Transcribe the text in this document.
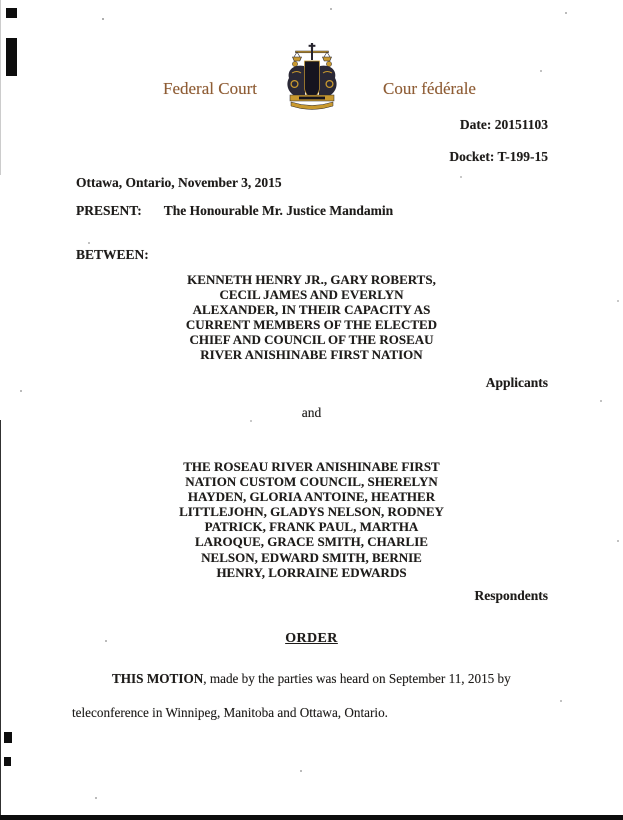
Federal Court	Cour fédérale
Date: 20151103
Docket: T-199-15
Ottawa, Ontario, November 3, 2015
PRESENT: The Honourable Mr. Justice Mandamin
BETWEEN:
KENNETH HENRY JR., GARY ROBERTS,
CECIL JAMES AND EVERLYN
ALEXANDER, IN THEIR CAPACITY AS
CURRENT MEMBERS OF THE ELECTED
CHIEF AND COUNCIL OF THE ROSEAU
RIVER ANISHINABE FIRST NATION
Applicants
and
THE ROSEAU RIVER ANISHINABE FIRST
NATION CUSTOM COUNCIL, SHERELYN
HAYDEN, GLORIA ANTOINE, HEATHER
LITTLEJOHN, GLADYS NELSON, RODNEY
PATRICK, FRANK PAUL, MARTHA
LAROQUE, GRACE SMITH, CHARLIE
NELSON, EDWARD SMITH, BERNIE
HENRY, LORRAINE EDWARDS
Respondents
ORDER
THIS MOTION, made by the parties was heard on September 11, 2015 by
teleconference in Winnipeg, Manitoba and Ottawa, Ontario.
